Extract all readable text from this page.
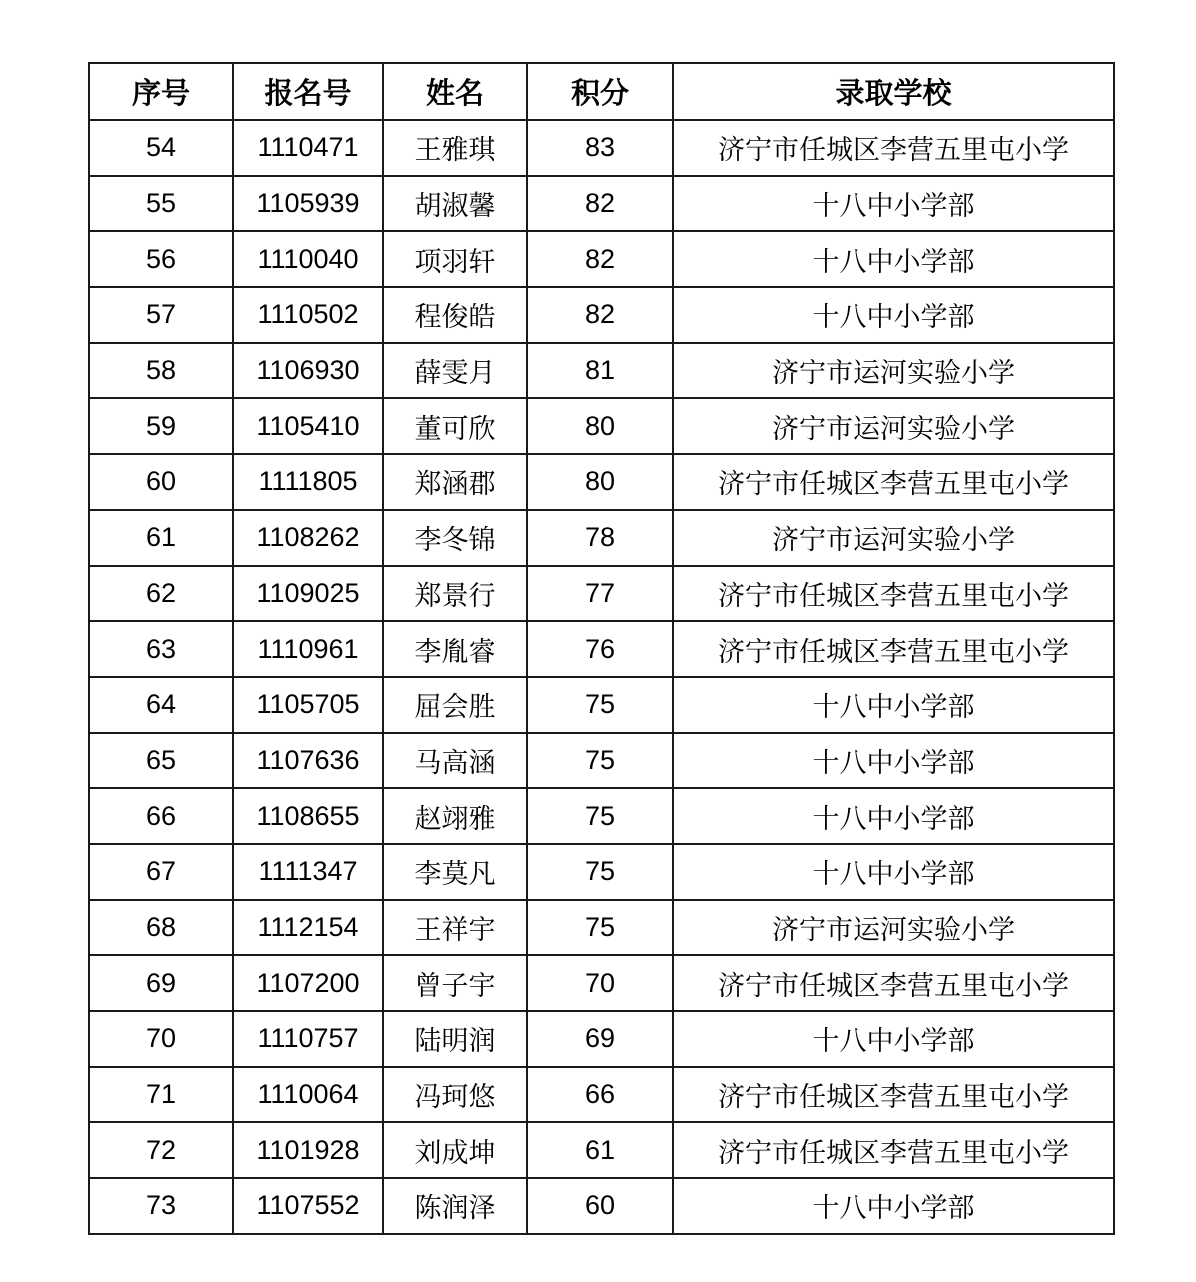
序号	报名号	姓名	积分	录取学校
54	1110471	王雅琪	83	济宁市任城区李营五里屯小学
55	1105939	胡淑馨	82	十八中小学部
56	1110040	项羽轩	82	十八中小学部
57	1110502	程俊皓	82	十八中小学部
58	1106930	薛雯月	81	济宁市运河实验小学
59	1105410	董可欣	80	济宁市运河实验小学
60	1111805	郑涵郡	80	济宁市任城区李营五里屯小学
61	1108262	李冬锦	78	济宁市运河实验小学
62	1109025	郑景行	77	济宁市任城区李营五里屯小学
63	1110961	李胤睿	76	济宁市任城区李营五里屯小学
64	1105705	屈会胜	75	十八中小学部
65	1107636	马高涵	75	十八中小学部
66	1108655	赵翊雅	75	十八中小学部
67	1111347	李莫凡	75	十八中小学部
68	1112154	王祥宇	75	济宁市运河实验小学
69	1107200	曾子宇	70	济宁市任城区李营五里屯小学
70	1110757	陆明润	69	十八中小学部
71	1110064	冯珂悠	66	济宁市任城区李营五里屯小学
72	1101928	刘成坤	61	济宁市任城区李营五里屯小学
73	1107552	陈润泽	60	十八中小学部
